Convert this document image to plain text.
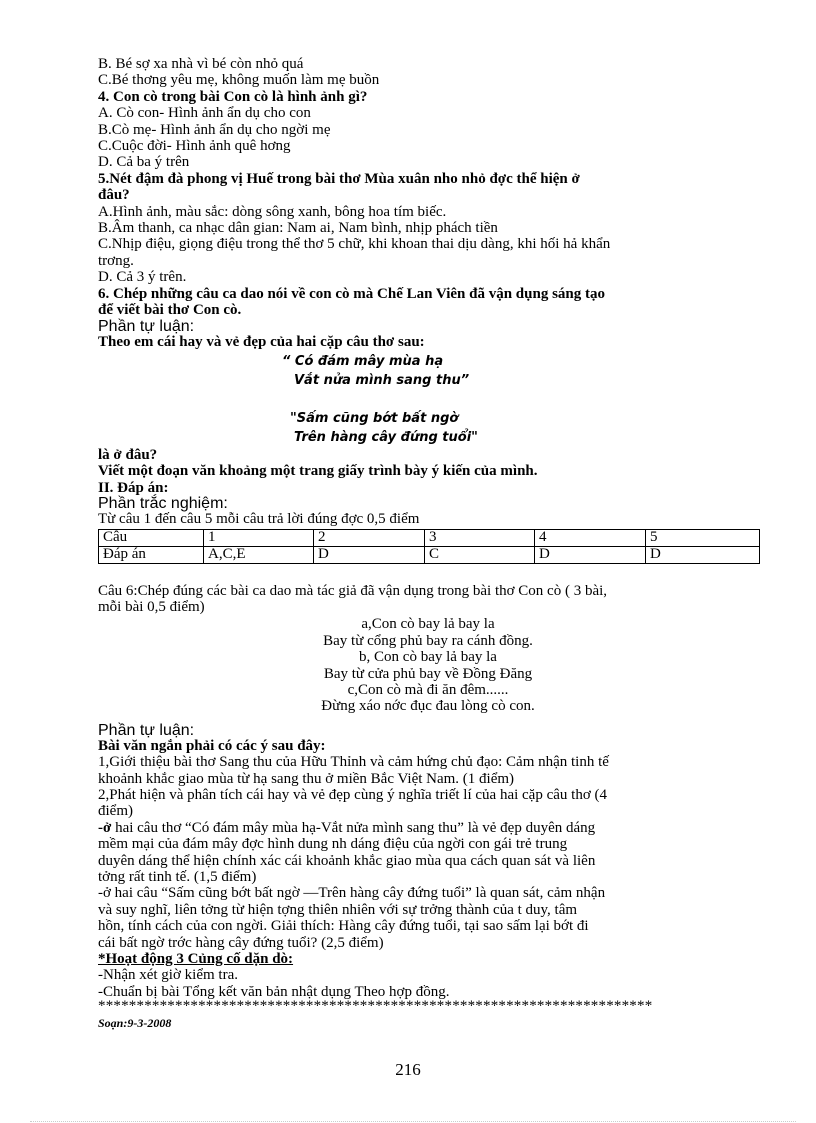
B. Bé sợ xa nhà vì bé còn nhỏ quá
C.Bé thơng yêu mẹ, không muốn làm mẹ buồn
4. Con cò trong bài Con cò là hình ảnh gì?
A. Cò con- Hình ảnh ẩn dụ cho con
B.Cò mẹ- Hình ảnh ẩn dụ cho ngời mẹ
C.Cuộc đời- Hình ảnh quê hơng
D. Cả ba ý trên
5.Nét đậm đà phong vị Huế trong bài thơ Mùa xuân nho nhỏ đợc thể hiện ở
đâu?
A.Hình ảnh, màu sắc: dòng sông xanh, bông hoa tím biếc.
B.Âm thanh, ca nhạc dân gian: Nam ai, Nam bình, nhịp phách tiền
C.Nhịp điệu, giọng điệu trong thể thơ 5 chữ, khi khoan thai dịu dàng, khi hối hả khẩn
trơng.
D. Cả 3 ý trên.
6. Chép những câu ca dao nói về con cò mà Chế Lan Viên đã vận dụng sáng tạo
để viết bài thơ Con cò.
Phần tự luận:
Theo em cái hay và vẻ đẹp của hai cặp câu thơ sau:
“ Có đám mây mùa hạ
Vắt nửa mình sang thu”
"Sấm cũng bớt bất ngờ
Trên hàng cây đứng tuổi"
là ở đâu?
Viết một đoạn văn khoảng một trang giấy trình bày ý kiến của mình.
II. Đáp án:
Phần trắc nghiệm:
Từ câu 1 đến câu 5 mỗi câu trả lời đúng đợc 0,5 điểm
Câu	1	2	3	4	5
Đáp án	A,C,E	D	C	D	D
Câu 6:Chép đúng các bài ca dao mà tác giả đã vận dụng trong bài thơ Con cò ( 3 bài,
mỗi bài 0,5 điểm)
a,Con cò bay lả bay la
Bay từ cổng phủ bay ra cánh đồng.
b, Con cò bay lả bay la
Bay từ cửa phủ bay về Đồng Đăng
c,Con cò mà đi ăn đêm......
Đừng xáo nớc đục đau lòng cò con.
Phần tự luận:
Bài văn ngắn phải có các ý sau đây:
1,Giới thiệu bài thơ Sang thu của Hữu Thỉnh và cảm hứng chủ đạo: Cảm nhận tinh tế
khoảnh khắc giao mùa từ hạ sang thu ở miền Bắc Việt Nam. (1 điểm)
2,Phát hiện và phân tích cái hay và vẻ đẹp cùng ý nghĩa triết lí của hai cặp câu thơ (4
điểm)
-ở hai câu thơ “Có đám mây mùa hạ-Vắt nửa mình sang thu” là vẻ đẹp duyên dáng
mềm mại của đám mây đợc hình dung nh dáng điệu của ngời con gái trẻ trung
duyên dáng thể hiện chính xác cái khoảnh khắc giao mùa qua cách quan sát và liên
tởng rất tinh tế. (1,5 điểm)
-ở hai câu “Sấm cũng bớt bất ngờ —Trên hàng cây đứng tuổi” là quan sát, cảm nhận
và suy nghĩ, liên tởng từ hiện tợng thiên nhiên với sự trởng thành của t duy, tâm
hồn, tính cách của con ngời. Giải thích: Hàng cây đứng tuổi, tại sao sấm lại bớt đi
cái bất ngờ trớc hàng cây đứng tuổi? (2,5 điểm)
*Hoạt động 3 Củng cố dặn dò:
-Nhận xét giờ kiểm tra.
-Chuẩn bị bài Tổng kết văn bản nhật dụng Theo hợp đồng.
************************************************************************
Soạn:9-3-2008
216
